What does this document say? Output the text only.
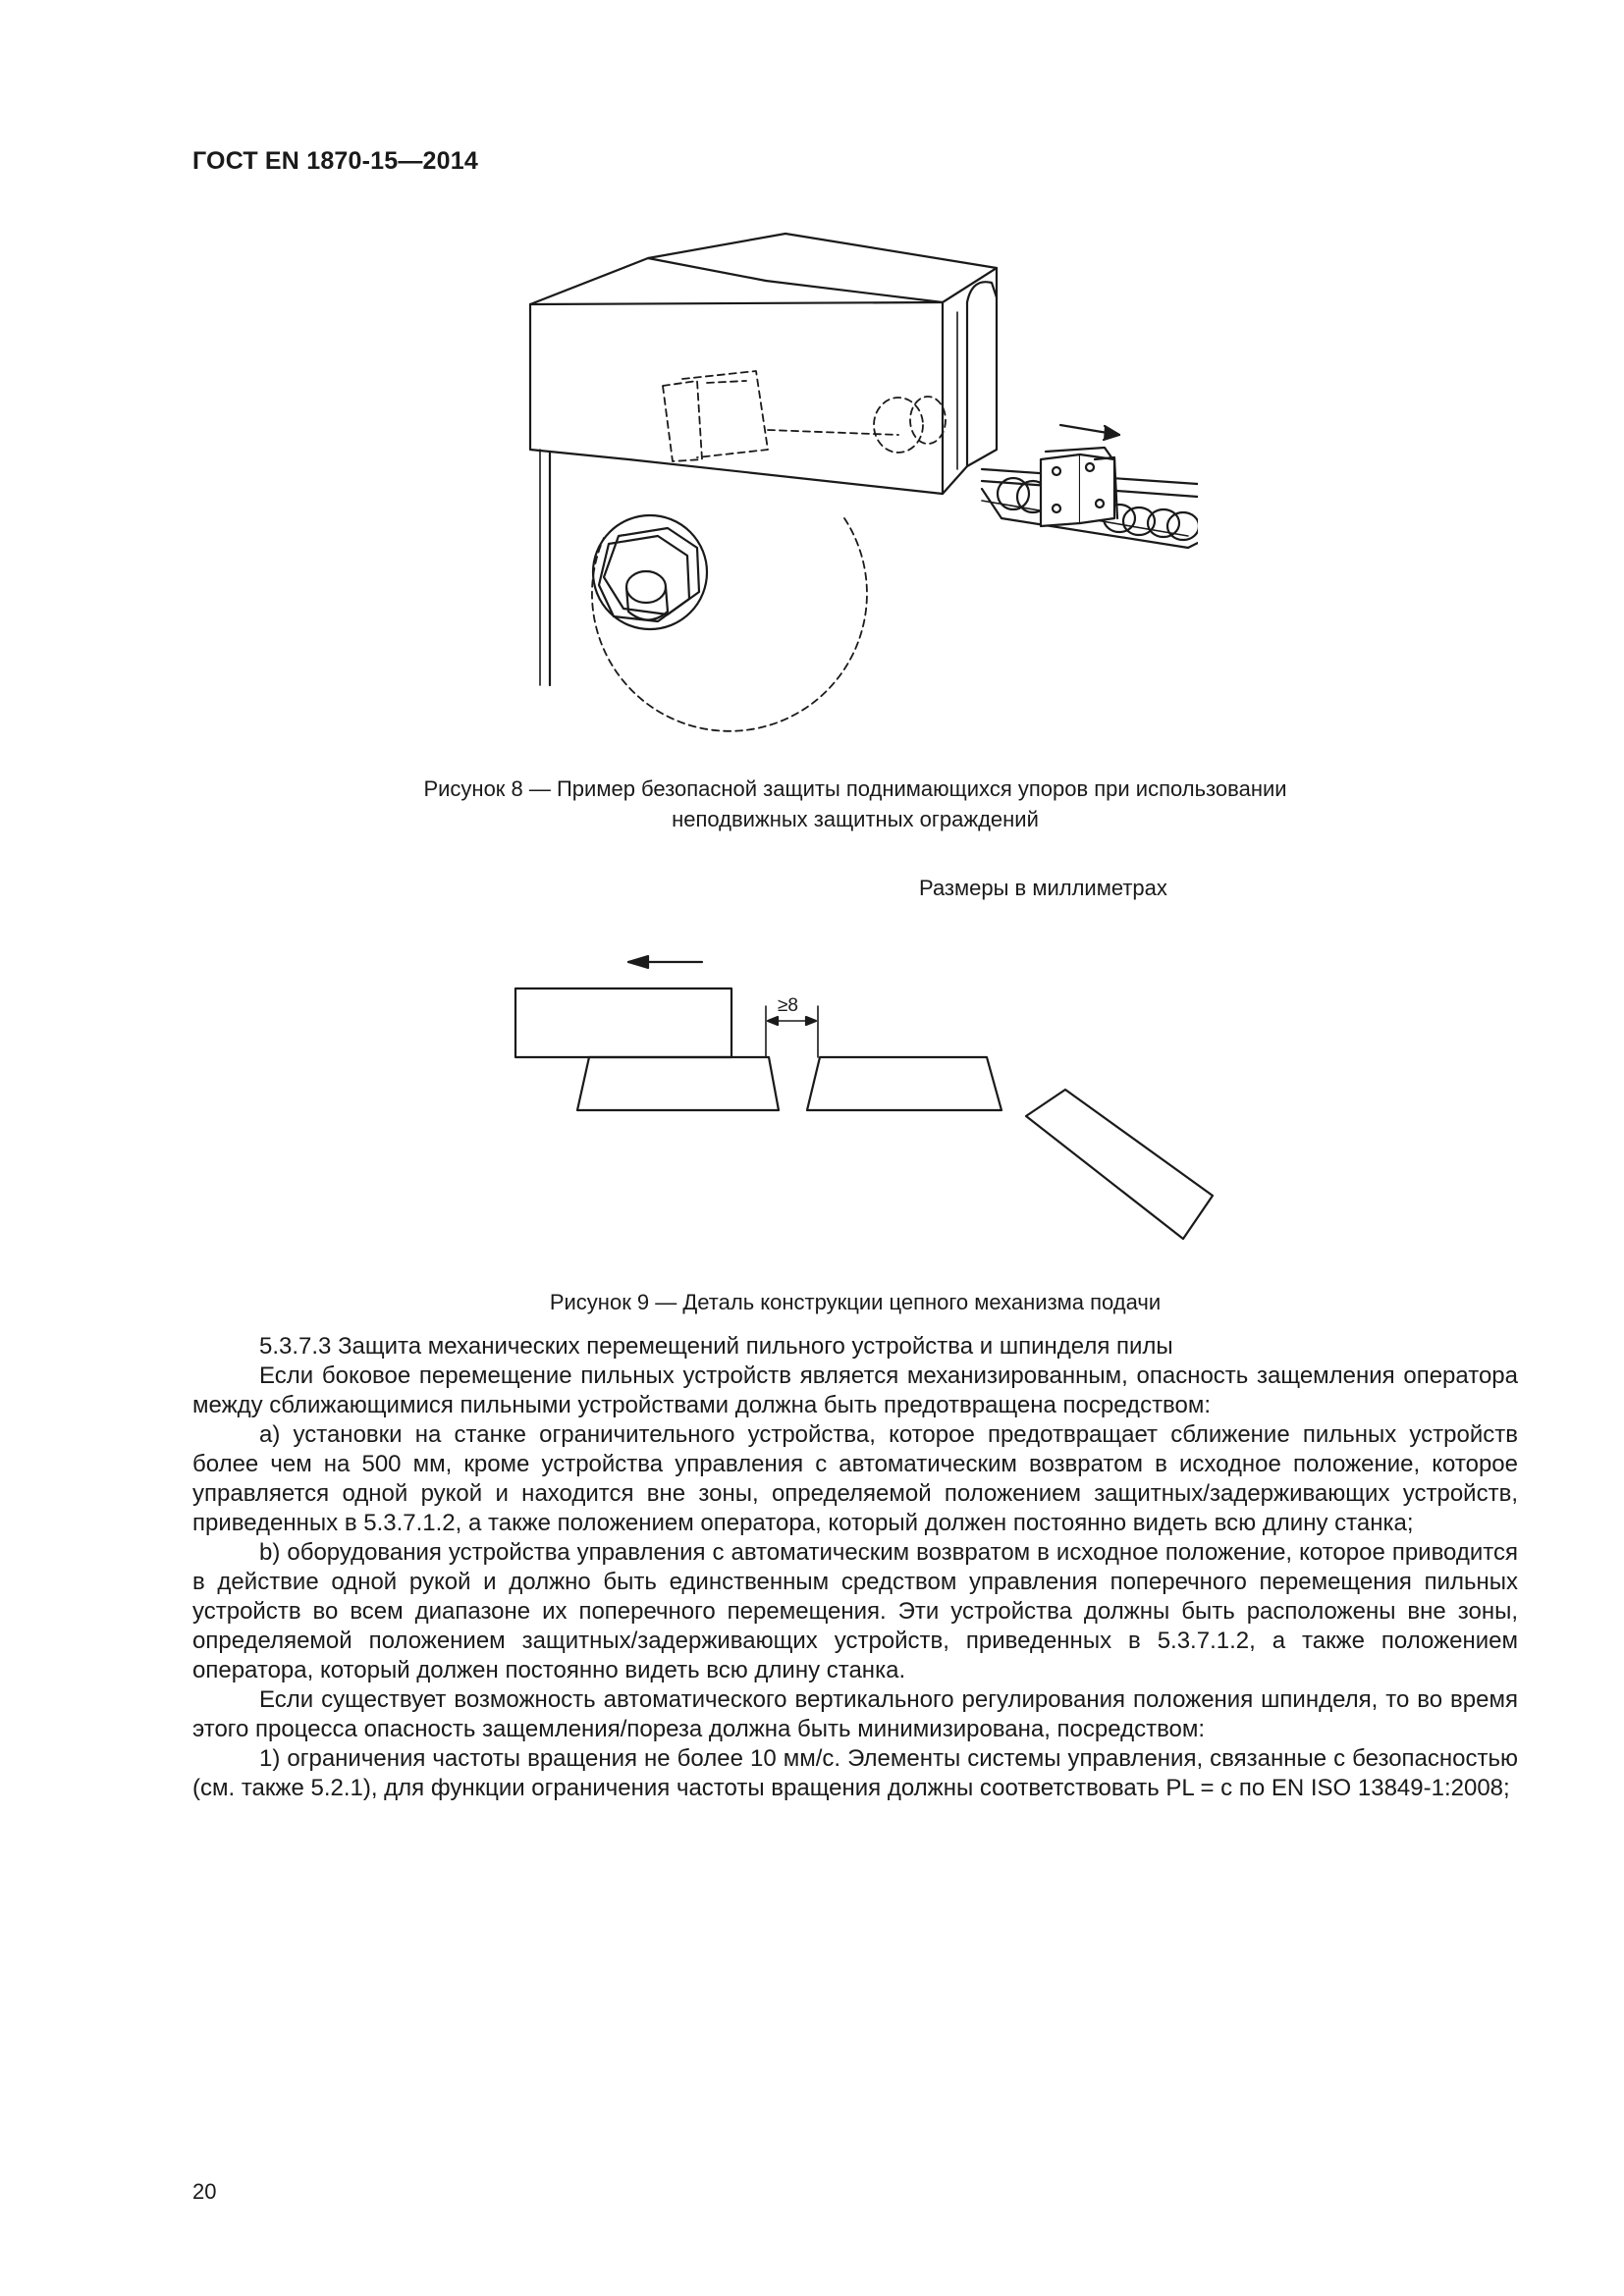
ГОСТ EN 1870-15—2014
Рисунок 8 — Пример безопасной защиты поднимающихся упоров при использовании
неподвижных защитных ограждений
Размеры в миллиметрах
≥8
Рисунок 9 — Деталь конструкции цепного механизма подачи

5.3.7.3 Защита механических перемещений пильного устройства и шпинделя пилы

Если боковое перемещение пильных устройств является механизированным, опасность защемления оператора между сближающимися пильными устройствами должна быть предотвращена посредством:

а) установки на станке ограничительного устройства, которое предотвращает сближение пильных устройств более чем на 500 мм, кроме устройства управления с автоматическим возвратом в исходное положение, которое управляется одной рукой и находится вне зоны, определяемой положением защитных/задерживающих устройств, приведенных в 5.3.7.1.2, а также положением оператора, который должен постоянно видеть всю длину станка;

b) оборудования устройства управления с автоматическим возвратом в исходное положение, которое приводится в действие одной рукой и должно быть единственным средством управления поперечного перемещения пильных устройств во всем диапазоне их поперечного перемещения. Эти устройства должны быть расположены вне зоны, определяемой положением защитных/задерживающих устройств, приведенных в 5.3.7.1.2, а также положением оператора, который должен постоянно видеть всю длину станка.

Если существует возможность автоматического вертикального регулирования положения шпинделя, то во время этого процесса опасность защемления/пореза должна быть минимизирована, посредством:

1) ограничения частоты вращения не более 10 мм/с. Элементы системы управления, связанные с безопасностью (см. также 5.2.1), для функции ограничения частоты вращения должны соответствовать PL = c по EN ISO 13849-1:2008;

20
